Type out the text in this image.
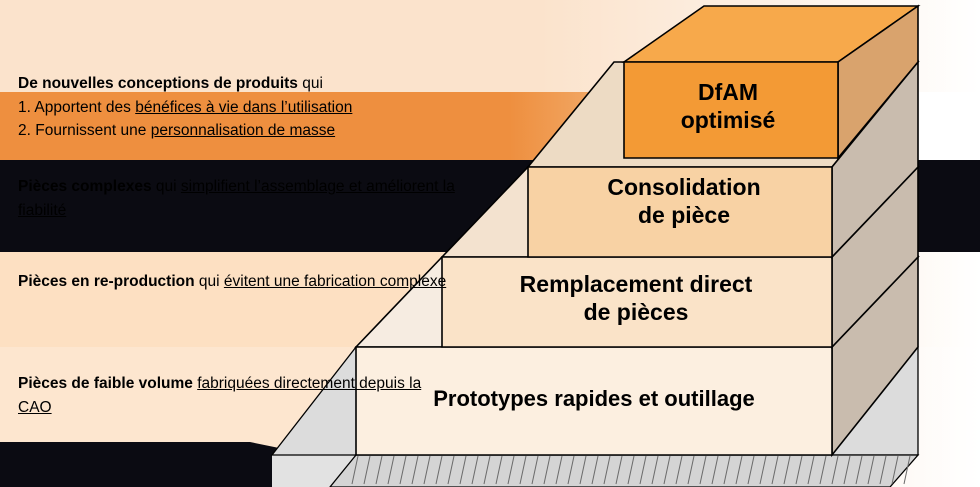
DfAM
optimisé
Consolidation
de pièce
Remplacement direct
de pièces
Prototypes rapides et outillage
De nouvelles conceptions de produits qui
1. Apportent des bénéfices à vie dans l’utilisation
2. Fournissent une personnalisation de masse
Pièces complexes qui simplifient l’assemblage et améliorent la fiabilité
Pièces en re-production qui évitent une fabrication complexe
Pièces de faible volume fabriquées directement depuis la CAO
